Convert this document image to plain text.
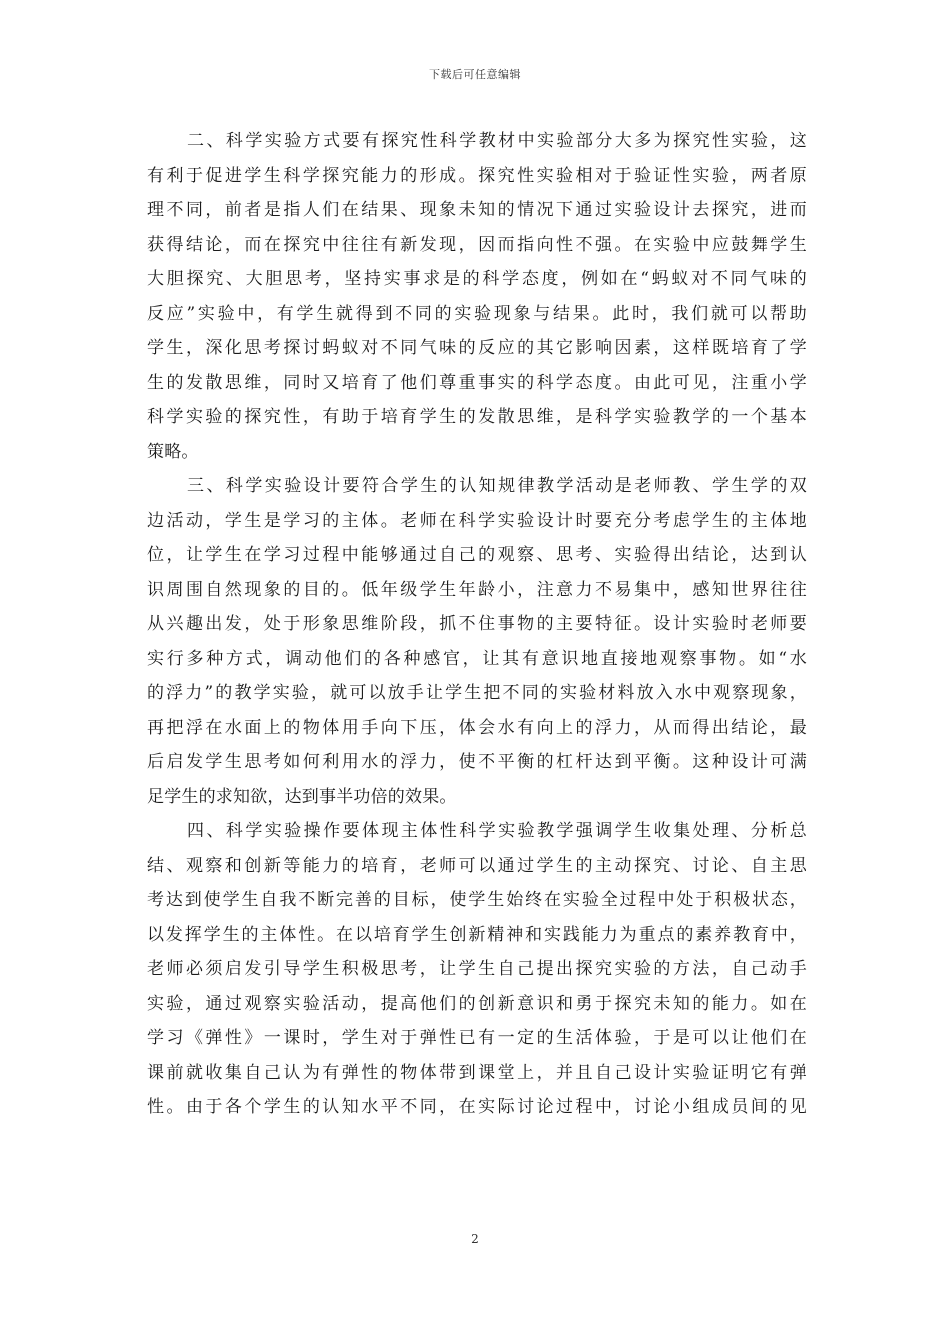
下载后可任意编辑
二、科学实验方式要有探究性科学教材中实验部分大多为探究性实验，这
有利于促进学生科学探究能力的形成。探究性实验相对于验证性实验，两者原
理不同，前者是指人们在结果、现象未知的情况下通过实验设计去探究，进而
获得结论，而在探究中往往有新发现，因而指向性不强。在实验中应鼓舞学生
大胆探究、大胆思考，坚持实事求是的科学态度，例如在“蚂蚁对不同气味的
反应”实验中，有学生就得到不同的实验现象与结果。此时，我们就可以帮助
学生，深化思考探讨蚂蚁对不同气味的反应的其它影响因素，这样既培育了学
生的发散思维，同时又培育了他们尊重事实的科学态度。由此可见，注重小学
科学实验的探究性，有助于培育学生的发散思维，是科学实验教学的一个基本
策略。
三、科学实验设计要符合学生的认知规律教学活动是老师教、学生学的双
边活动，学生是学习的主体。老师在科学实验设计时要充分考虑学生的主体地
位，让学生在学习过程中能够通过自己的观察、思考、实验得出结论，达到认
识周围自然现象的目的。低年级学生年龄小，注意力不易集中，感知世界往往
从兴趣出发，处于形象思维阶段，抓不住事物的主要特征。设计实验时老师要
实行多种方式，调动他们的各种感官，让其有意识地直接地观察事物。如“水
的浮力”的教学实验，就可以放手让学生把不同的实验材料放入水中观察现象，
再把浮在水面上的物体用手向下压，体会水有向上的浮力，从而得出结论，最
后启发学生思考如何利用水的浮力，使不平衡的杠杆达到平衡。这种设计可满
足学生的求知欲，达到事半功倍的效果。
四、科学实验操作要体现主体性科学实验教学强调学生收集处理、分析总
结、观察和创新等能力的培育，老师可以通过学生的主动探究、讨论、自主思
考达到使学生自我不断完善的目标，使学生始终在实验全过程中处于积极状态，
以发挥学生的主体性。在以培育学生创新精神和实践能力为重点的素养教育中，
老师必须启发引导学生积极思考，让学生自己提出探究实验的方法，自己动手
实验，通过观察实验活动，提高他们的创新意识和勇于探究未知的能力。如在
学习《弹性》一课时，学生对于弹性已有一定的生活体验，于是可以让他们在
课前就收集自己认为有弹性的物体带到课堂上，并且自己设计实验证明它有弹
性。由于各个学生的认知水平不同，在实际讨论过程中，讨论小组成员间的见
2
